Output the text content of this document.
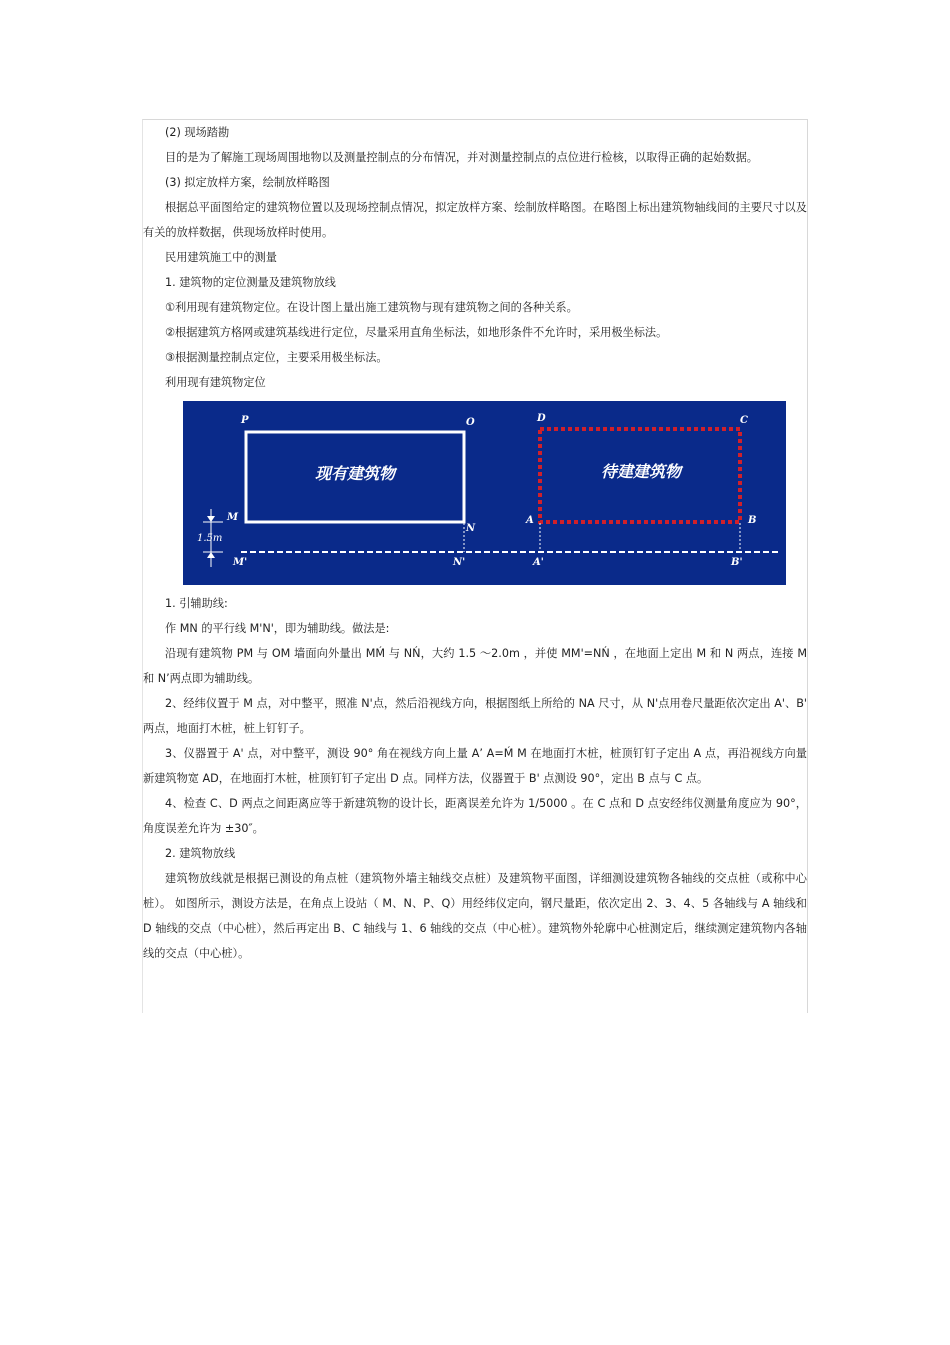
(2) 现场踏勘

目的是为了解施工现场周围地物以及测量控制点的分布情况，并对测量控制点的点位进行检核，以取得正确的起始数据。

(3) 拟定放样方案，绘制放样略图

根据总平面图给定的建筑物位置以及现场控制点情况，拟定放样方案、绘制放样略图。在略图上标出建筑物轴线间的主要尺寸以及有关的放样数据，供现场放样时使用。

民用建筑施工中的测量

1. 建筑物的定位测量及建筑物放线

①利用现有建筑物定位。在设计图上量出施工建筑物与现有建筑物之间的各种关系。

②根据建筑方格网或建筑基线进行定位，尽量采用直角坐标法，如地形条件不允许时，采用极坐标法。

③根据测量控制点定位，主要采用极坐标法。

利用现有建筑物定位

现有建筑物	待建建筑物
1.5m
P	O
M
N
D	C
A	B
M'	N'	A'	B'

1. 引辅助线:

作 MN 的平行线 M'N'，即为辅助线。做法是:

沿现有建筑物 PM 与 OM 墙面向外量出 MḾ 与 NŃ，大约 1.5 ～2.0m ，并使 MM'=NŃ ，在地面上定出 M 和 N 两点，连接 M 和 N’两点即为辅助线。

2、经纬仪置于 M 点，对中整平，照准 N'点，然后沿视线方向，根据图纸上所给的 NA 尺寸，从 N'点用卷尺量距依次定出 A'、B' 两点，地面打木桩，桩上钉钉子。

3、仪器置于 A' 点，对中整平，测设 90° 角在视线方向上量 A’ A=Ḿ M 在地面打木桩，桩顶钉钉子定出 A 点，再沿视线方向量新建筑物宽 AD，在地面打木桩，桩顶钉钉子定出 D 点。同样方法，仪器置于 B' 点测设 90°，定出 B 点与 C 点。

4、检查 C、D 两点之间距离应等于新建筑物的设计长，距离误差允许为 1/5000 。在 C 点和 D 点安经纬仪测量角度应为 90°，角度误差允许为 ±30″。

2. 建筑物放线

建筑物放线就是根据已测设的角点桩（建筑物外墙主轴线交点桩）及建筑物平面图，详细测设建筑物各轴线的交点桩（或称中心桩）。 如图所示，测设方法是，在角点上设站（ M、N、P、Q）用经纬仪定向，钢尺量距，依次定出 2、3、4、5 各轴线与 A 轴线和 D 轴线的交点（中心桩），然后再定出 B、C 轴线与 1、6 轴线的交点（中心桩）。建筑物外轮廓中心桩测定后，继续测定建筑物内各轴线的交点（中心桩）。
